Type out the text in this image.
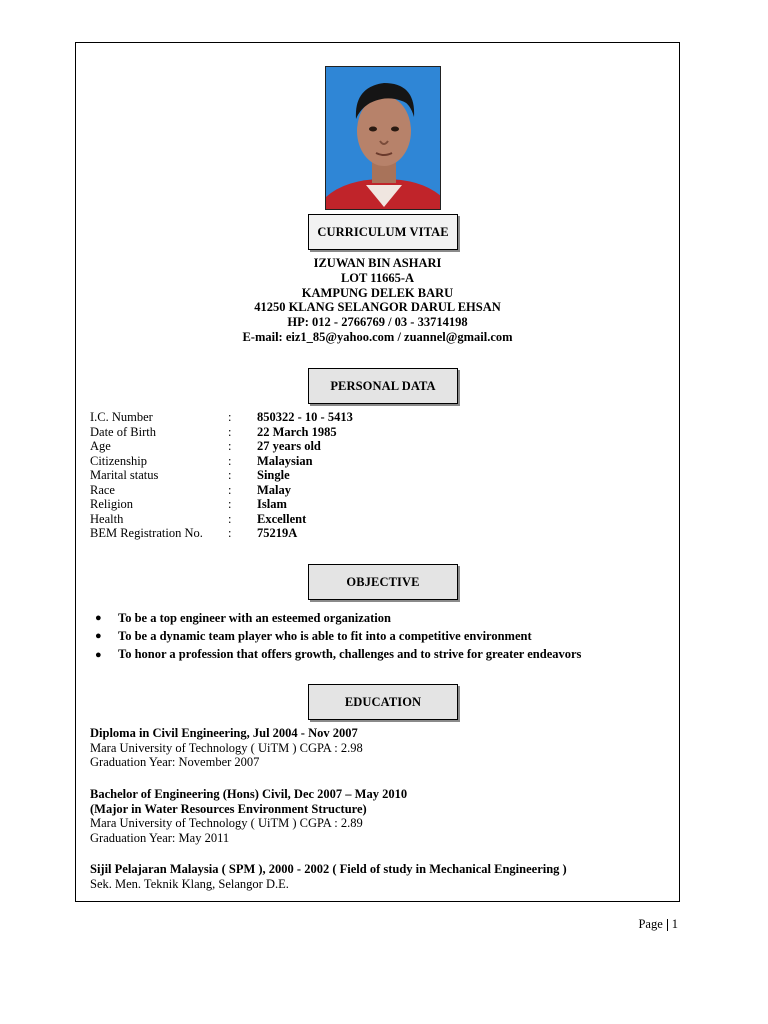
CURRICULUM VITAE
IZUWAN BIN ASHARI
LOT 11665-A
KAMPUNG DELEK BARU
41250 KLANG SELANGOR DARUL EHSAN
HP: 012 - 2766769 / 03 - 33714198
E-mail: eiz1_85@yahoo.com / zuannel@gmail.com
PERSONAL DATA
I.C. Number	:	850322 - 10 - 5413
Date of Birth	:	22 March 1985
Age	:	27 years old
Citizenship	:	Malaysian
Marital status	:	Single
Race	:	Malay
Religion	:	Islam
Health	:	Excellent
BEM Registration No.	:	75219A
OBJECTIVE
●	To be a top engineer with an esteemed organization
●	To be a dynamic team player who is able to fit into a competitive environment
●	To honor a profession that offers growth, challenges and to strive for greater endeavors
EDUCATION
Diploma in Civil Engineering, Jul 2004 - Nov 2007
Mara University of Technology ( UiTM ) CGPA : 2.98
Graduation Year: November 2007
Bachelor of Engineering (Hons) Civil, Dec 2007 – May 2010
(Major in Water Resources Environment Structure)
Mara University of Technology ( UiTM ) CGPA : 2.89
Graduation Year: May 2011
Sijil Pelajaran Malaysia ( SPM ), 2000 - 2002 ( Field of study in Mechanical Engineering )
Sek. Men. Teknik Klang, Selangor D.E.
Page 1
